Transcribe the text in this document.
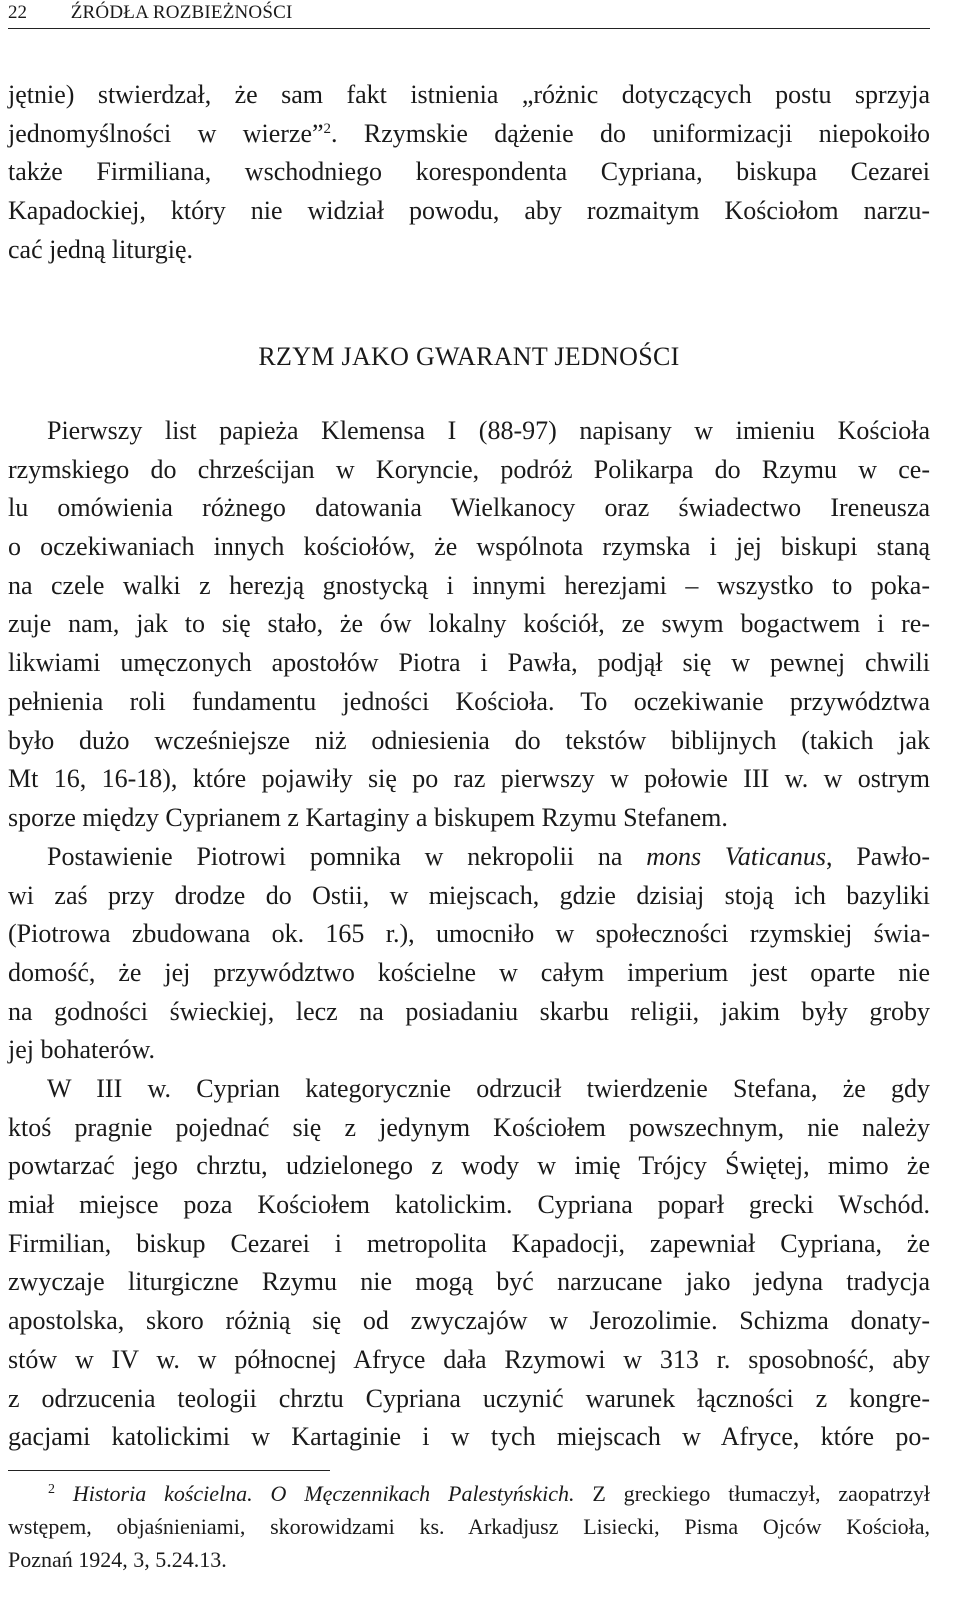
22 ŹRÓDŁA ROZBIEŻNOŚCI
jętnie) stwierdzał, że sam fakt istnienia „różnic dotyczących postu sprzyja
jednomyślności w wierze”$^2$. Rzymskie dążenie do uniformizacji niepokoiło
także Firmiliana, wschodniego korespondenta Cypriana, biskupa Cezarei
Kapadockiej, który nie widział powodu, aby rozmaitym Kościołom narzu-
cać jedną liturgię.
RZYM JAKO GWARANT JEDNOŚCI
Pierwszy list papieża Klemensa I (88-97) napisany w imieniu Kościoła
rzymskiego do chrześcijan w Koryncie, podróż Polikarpa do Rzymu w ce-
lu omówienia różnego datowania Wielkanocy oraz świadectwo Ireneusza
o oczekiwaniach innych kościołów, że wspólnota rzymska i jej biskupi staną
na czele walki z herezją gnostycką i innymi herezjami – wszystko to poka-
zuje nam, jak to się stało, że ów lokalny kościół, ze swym bogactwem i re-
likwiami umęczonych apostołów Piotra i Pawła, podjął się w pewnej chwili
pełnienia roli fundamentu jedności Kościoła. To oczekiwanie przywództwa
było dużo wcześniejsze niż odniesienia do tekstów biblijnych (takich jak
Mt 16, 16-18), które pojawiły się po raz pierwszy w połowie III w. w ostrym
sporze między Cyprianem z Kartaginy a biskupem Rzymu Stefanem.
Postawienie Piotrowi pomnika w nekropolii na mons Vaticanus, Pawło-
wi zaś przy drodze do Ostii, w miejscach, gdzie dzisiaj stoją ich bazyliki
(Piotrowa zbudowana ok. 165 r.), umocniło w społeczności rzymskiej świa-
domość, że jej przywództwo kościelne w całym imperium jest oparte nie
na godności świeckiej, lecz na posiadaniu skarbu religii, jakim były groby
jej bohaterów.
W III w. Cyprian kategorycznie odrzucił twierdzenie Stefana, że gdy
ktoś pragnie pojednać się z jedynym Kościołem powszechnym, nie należy
powtarzać jego chrztu, udzielonego z wody w imię Trójcy Świętej, mimo że
miał miejsce poza Kościołem katolickim. Cypriana poparł grecki Wschód.
Firmilian, biskup Cezarei i metropolita Kapadocji, zapewniał Cypriana, że
zwyczaje liturgiczne Rzymu nie mogą być narzucane jako jedyna tradycja
apostolska, skoro różnią się od zwyczajów w Jerozolimie. Schizma donaty-
stów w IV w. w północnej Afryce dała Rzymowi w 313 r. sposobność, aby
z odrzucenia teologii chrztu Cypriana uczynić warunek łączności z kongre-
gacjami katolickimi w Kartaginie i w tych miejscach w Afryce, które po-
$^2$ Historia kościelna. O Męczennikach Palestyńskich. Z greckiego tłumaczył, zaopatrzył
wstępem, objaśnieniami, skorowidzami ks. Arkadjusz Lisiecki, Pisma Ojców Kościoła,
Poznań 1924, 3, 5.24.13.
